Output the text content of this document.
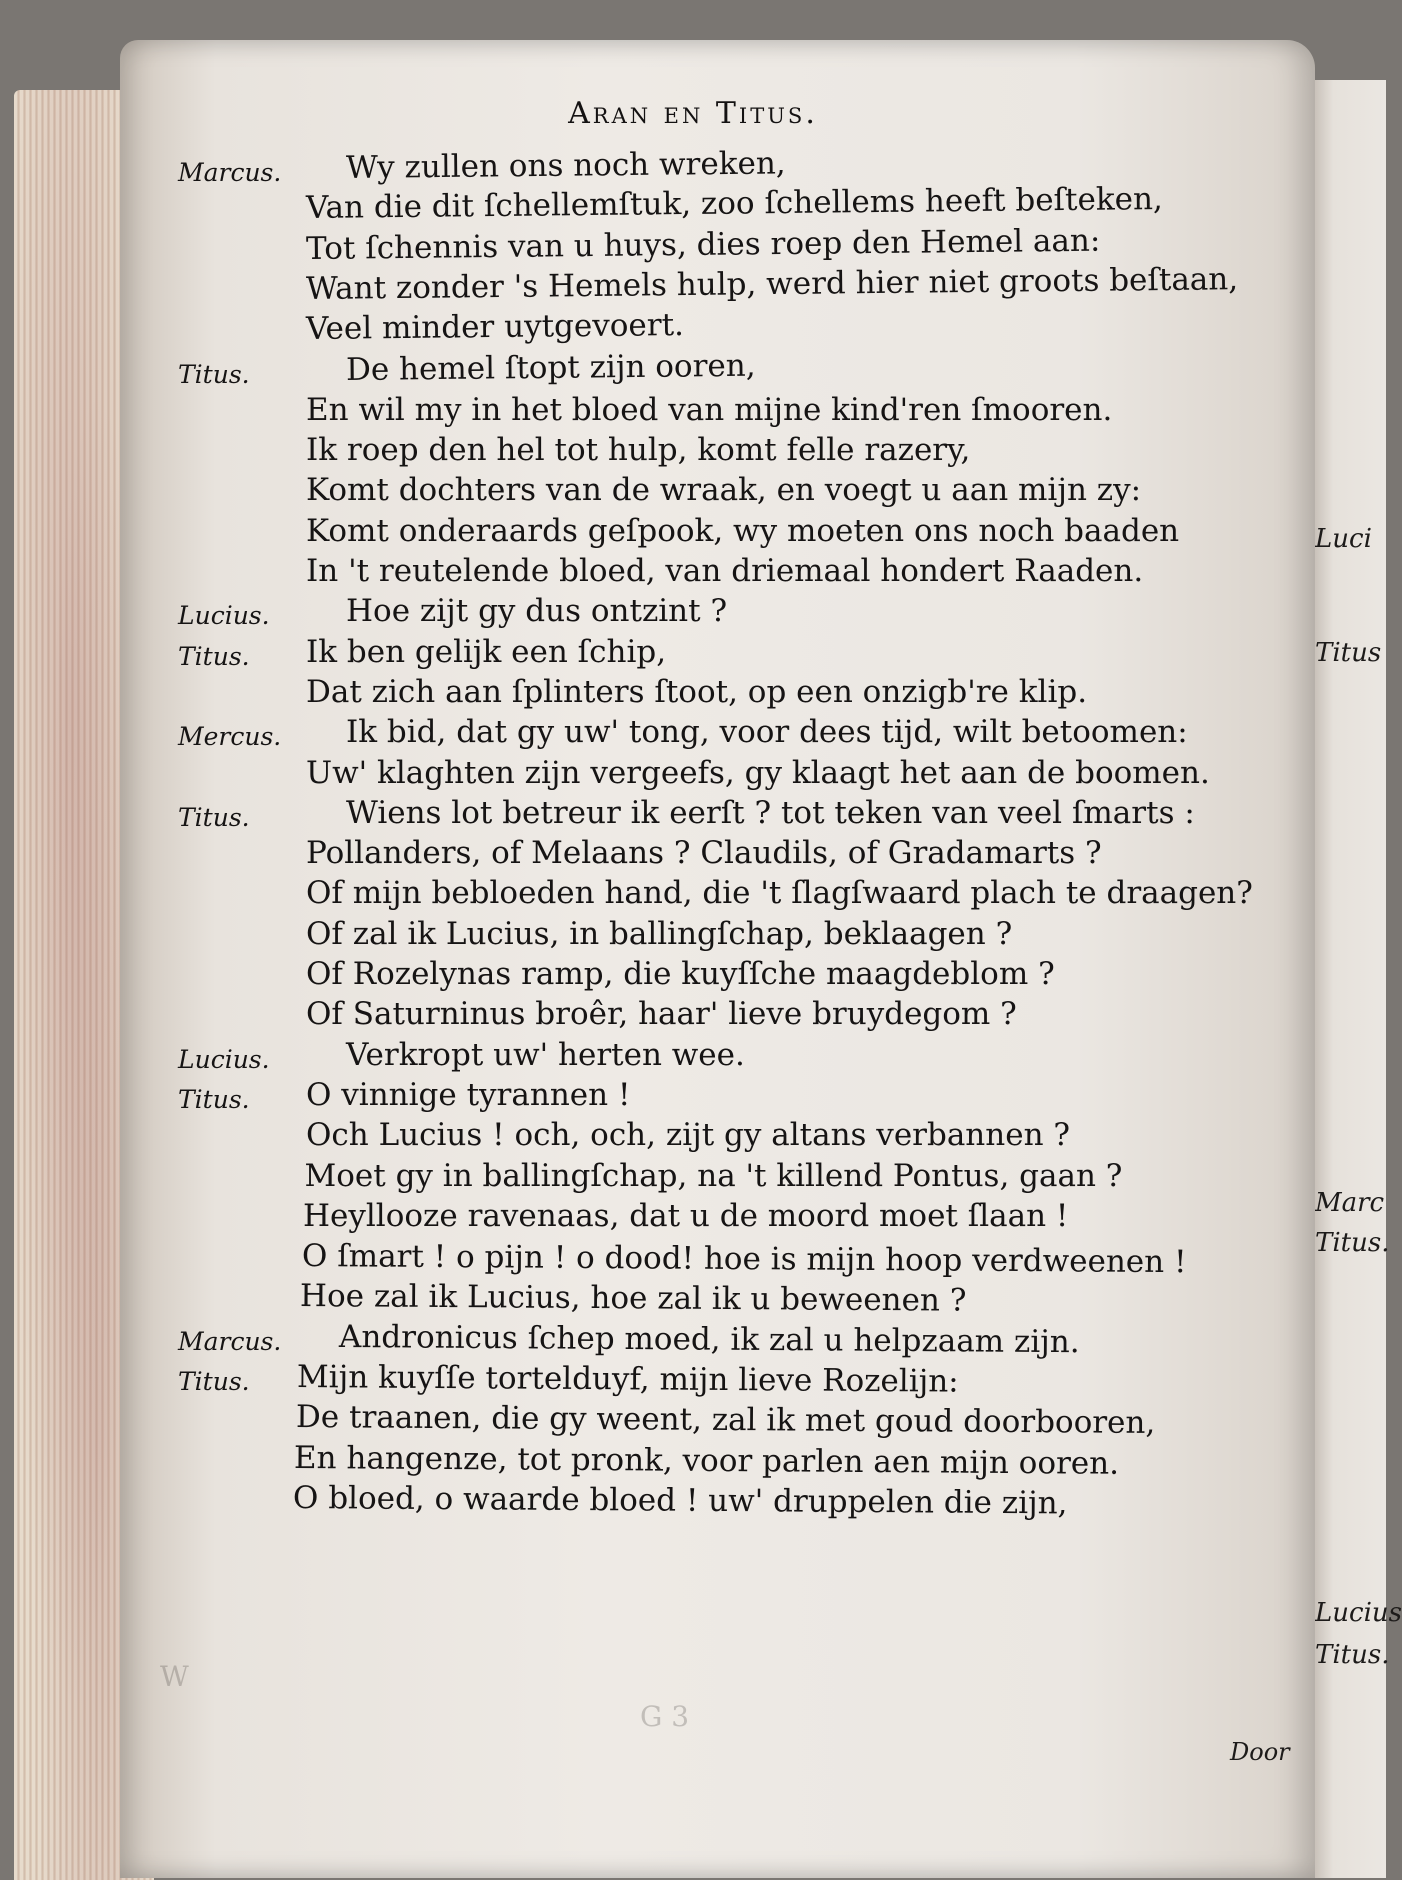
Luci
Titus
Marc
Titus.
Lucius
Titus.
Aran en Titus.
Marcus. Wy zullen ons noch wreken,
Van die dit ſchellemſtuk, zoo ſchellems heeft beſteken,
Tot ſchennis van u huys, dies roep den Hemel aan:
Want zonder 's Hemels hulp, werd hier niet groots beſtaan,
Veel minder uytgevoert.
Titus.	De hemel ſtopt zijn ooren,
En wil my in het bloed van mijne kind'ren ſmooren.
Ik roep den hel tot hulp, komt felle razery,
Komt dochters van de wraak, en voegt u aan mijn zy:
Komt onderaards geſpook, wy moeten ons noch baaden
In 't reutelende bloed, van driemaal hondert Raaden.
Lucius. Hoe zijt gy dus ontzint ?
Titus. Ik ben gelijk een ſchip,
Dat zich aan ſplinters ſtoot, op een onzigb're klip.
Mercus. Ik bid, dat gy uw' tong, voor dees tijd, wilt betoomen:
Uw' klaghten zijn vergeefs, gy klaagt het aan de boomen.
Titus.	Wiens lot betreur ik eerſt ? tot teken van veel ſmarts :
Pollanders, of Melaans ? Claudils, of Gradamarts ?
Of mijn bebloeden hand, die 't ſlagſwaard plach te draagen?
Of zal ik Lucius, in ballingſchap, beklaagen ?
Of Rozelynas ramp, die kuyſſche maagdeblom ?
Of Saturninus broêr, haar' lieve bruydegom ?
Lucius. Verkropt uw' herten wee.
Titus. O vinnige tyrannen !
Och Lucius ! och, och, zijt gy altans verbannen ?
Moet gy in ballingſchap, na 't killend Pontus, gaan ?
Heyllooze ravenaas, dat u de moord moet ſlaan !
O ſmart ! o pijn ! o dood! hoe is mijn hoop verdweenen !
Hoe zal ik Lucius, hoe zal ik u beweenen ?
Marcus. Andronicus ſchep moed, ik zal u helpzaam zijn.
Titus. Mijn kuyſſe tortelduyf, mijn lieve Rozelijn:
De traanen, die gy weent, zal ik met goud doorbooren,
En hangenze, tot pronk, voor parlen aen mijn ooren.
O bloed, o waarde bloed ! uw' druppelen die zijn,
W
G 3
Door
